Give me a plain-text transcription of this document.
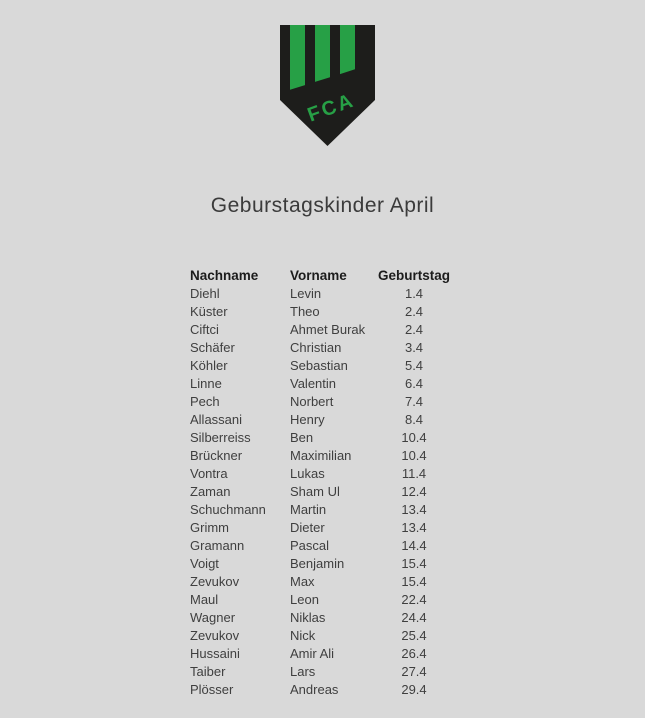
FCA
Geburstagskinder April
Nachname	Vorname	Geburtstag
Diehl	Levin	1.4
Küster	Theo	2.4
Ciftci	Ahmet Burak	2.4
Schäfer	Christian	3.4
Köhler	Sebastian	5.4
Linne	Valentin	6.4
Pech	Norbert	7.4
Allassani	Henry	8.4
Silberreiss	Ben	10.4
Brückner	Maximilian	10.4
Vontra	Lukas	11.4
Zaman	Sham Ul	12.4
Schuchmann	Martin	13.4
Grimm	Dieter	13.4
Gramann	Pascal	14.4
Voigt	Benjamin	15.4
Zevukov	Max	15.4
Maul	Leon	22.4
Wagner	Niklas	24.4
Zevukov	Nick	25.4
Hussaini	Amir Ali	26.4
Taiber	Lars	27.4
Plösser	Andreas	29.4
